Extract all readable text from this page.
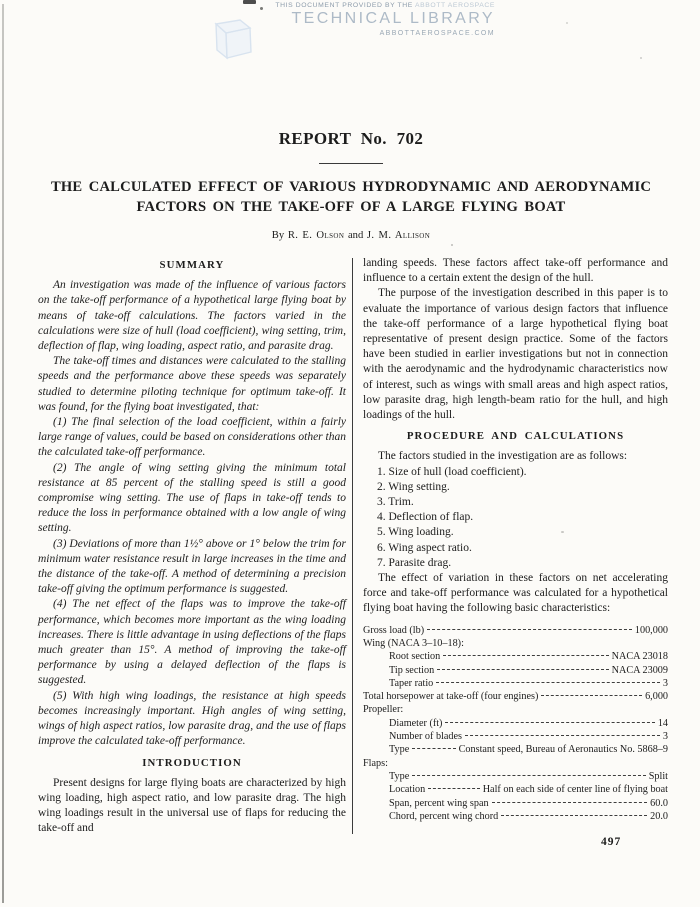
THIS DOCUMENT PROVIDED BY THE ABBOTT AEROSPACE
TECHNICAL LIBRARY
ABBOTTAEROSPACE.COM
REPORT No. 702
THE CALCULATED EFFECT OF VARIOUS HYDRODYNAMIC AND AERODYNAMIC
FACTORS ON THE TAKE-OFF OF A LARGE FLYING BOAT
By R. E. Olson and J. M. Allison
SUMMARY

An investigation was made of the influence of various factors on the take-off performance of a hypothetical large flying boat by means of take-off calculations. The factors varied in the calculations were size of hull (load coefficient), wing setting, trim, deflection of flap, wing loading, aspect ratio, and parasite drag.

The take-off times and distances were calculated to the stalling speeds and the performance above these speeds was separately studied to determine piloting technique for optimum take-off. It was found, for the flying boat investigated, that:

(1) The final selection of the load coefficient, within a fairly large range of values, could be based on considerations other than the calculated take-off performance.

(2) The angle of wing setting giving the minimum total resistance at 85 percent of the stalling speed is still a good compromise wing setting. The use of flaps in take-off tends to reduce the loss in performance obtained with a low angle of wing setting.

(3) Deviations of more than 1½° above or 1° below the trim for minimum water resistance result in large increases in the time and the distance of the take-off. A method of determining a precision take-off giving the optimum performance is suggested.

(4) The net effect of the flaps was to improve the take-off performance, which becomes more important as the wing loading increases. There is little advantage in using deflections of the flaps much greater than 15°. A method of improving the take-off performance by using a delayed deflection of the flaps is suggested.

(5) With high wing loadings, the resistance at high speeds becomes increasingly important. High angles of wing setting, wings of high aspect ratios, low parasite drag, and the use of flaps improve the calculated take-off performance.

INTRODUCTION

Present designs for large flying boats are characterized by high wing loading, high aspect ratio, and low parasite drag. The high wing loadings result in the universal use of flaps for reducing the take-off and

landing speeds. These factors affect take-off performance and influence to a certain extent the design of the hull.

The purpose of the investigation described in this paper is to evaluate the importance of various design factors that influence the take-off performance of a large hypothetical flying boat representative of present design practice. Some of the factors have been studied in earlier investigations but not in connection with the aerodynamic and the hydrodynamic characteristics now of interest, such as wings with small areas and high aspect ratios, low parasite drag, high length-beam ratio for the hull, and high loadings of the hull.

PROCEDURE AND CALCULATIONS

The factors studied in the investigation are as follows:

1. Size of hull (load coefficient).
2. Wing setting.
3. Trim.
4. Deflection of flap.
5. Wing loading.
6. Wing aspect ratio.
7. Parasite drag.

The effect of variation in these factors on net accelerating force and take-off performance was calculated for a hypothetical flying boat having the following basic characteristics:

Gross load (lb)	100,000
Wing (NACA 3–10–18):
Root section	NACA 23018
Tip section	NACA 23009
Taper ratio	3
Total horsepower at take-off (four engines)	6,000
Propeller:
Diameter (ft)	14
Number of blades	3
Type	Constant speed, Bureau of Aeronautics No. 5868–9
Flaps:
Type	Split
Location	Half on each side of center line of flying boat
Span, percent wing span	60.0
Chord, percent wing chord	20.0
497
